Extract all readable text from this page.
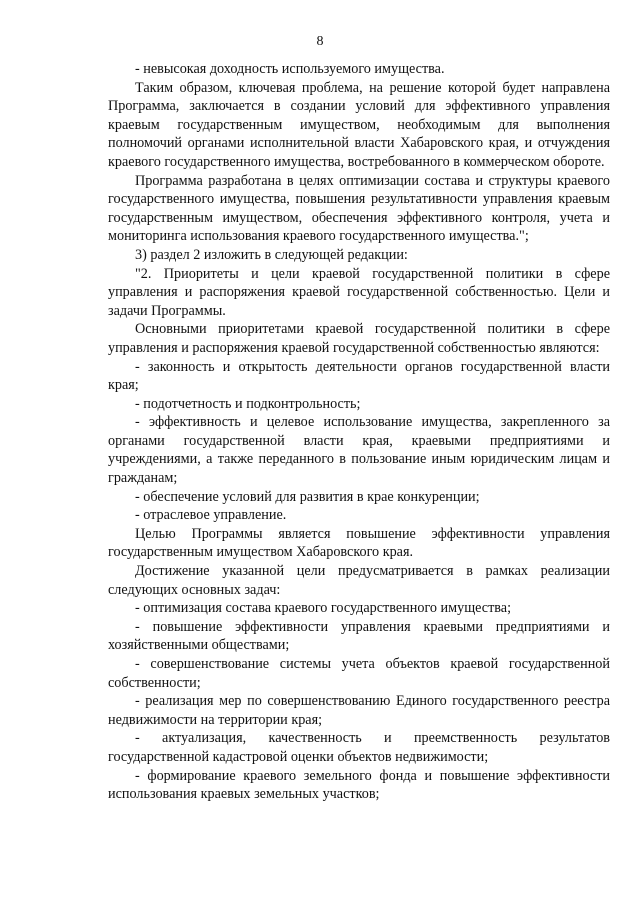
8

- невысокая доходность используемого имущества.

Таким образом, ключевая проблема, на решение которой будет направлена Программа, заключается в создании условий для эффективного управления краевым государственным имуществом, необходимым для выполнения полномочий органами исполнительной власти Хабаровского края, и отчуждения краевого государственного имущества, востребованного в коммерческом обороте.

Программа разработана в целях оптимизации состава и структуры краевого государственного имущества, повышения результативности управления краевым государственным имуществом, обеспечения эффективного контроля, учета и мониторинга использования краевого государственного имущества.";

3) раздел 2 изложить в следующей редакции:

"2. Приоритеты и цели краевой государственной политики в сфере управления и распоряжения краевой государственной собственностью. Цели и задачи Программы.

Основными приоритетами краевой государственной политики в сфере управления и распоряжения краевой государственной собственностью являются:

- законность и открытость деятельности органов государственной власти края;

- подотчетность и подконтрольность;

- эффективность и целевое использование имущества, закрепленного за органами государственной власти края, краевыми предприятиями и учреждениями, а также переданного в пользование иным юридическим лицам и гражданам;

- обеспечение условий для развития в крае конкуренции;

- отраслевое управление.

Целью Программы является повышение эффективности управления государственным имуществом Хабаровского края.

Достижение указанной цели предусматривается в рамках реализации следующих основных задач:

- оптимизация состава краевого государственного имущества;

- повышение эффективности управления краевыми предприятиями и хозяйственными обществами;

- совершенствование системы учета объектов краевой государственной собственности;

- реализация мер по совершенствованию Единого государственного реестра недвижимости на территории края;

- актуализация, качественность и преемственность результатов государственной кадастровой оценки объектов недвижимости;

- формирование краевого земельного фонда и повышение эффективности использования краевых земельных участков;
